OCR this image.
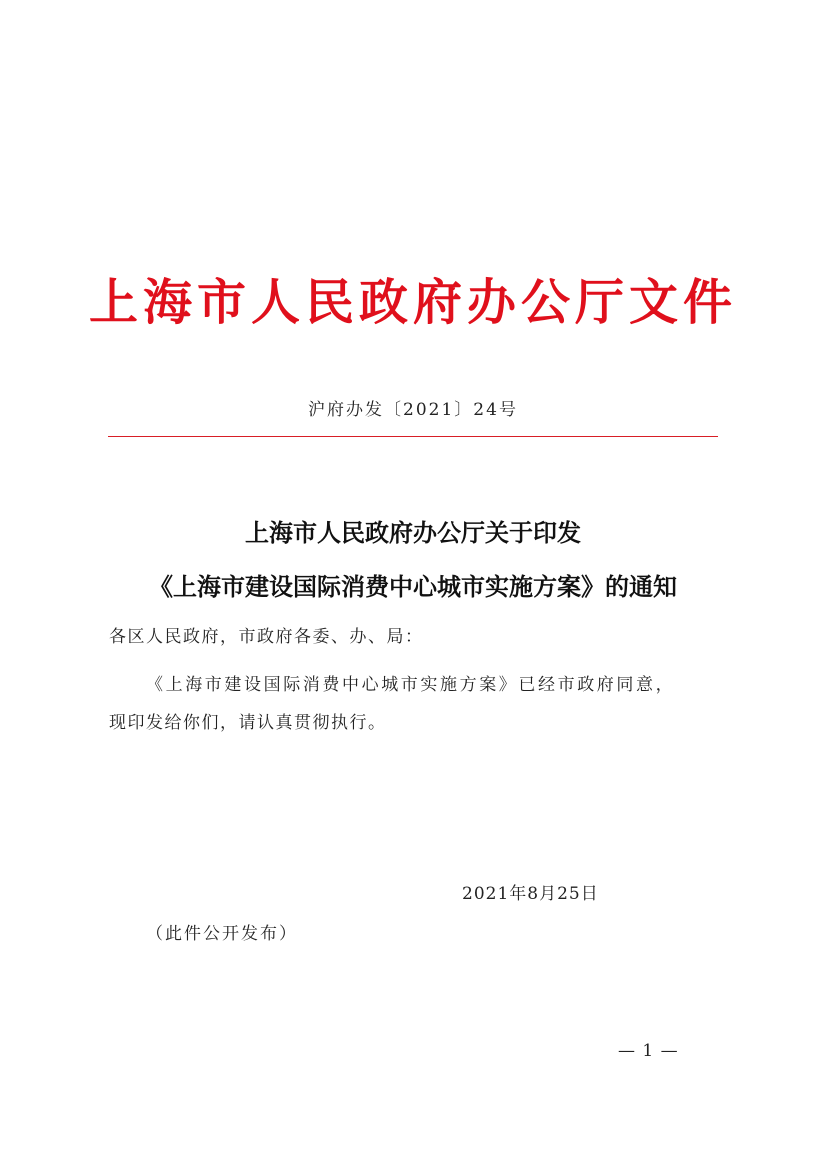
上海市人民政府办公厅文件
沪府办发〔2021〕24号
上海市人民政府办公厅关于印发
《上海市建设国际消费中心城市实施方案》的通知
各区人民政府，市政府各委、办、局：
《上海市建设国际消费中心城市实施方案》已经市政府同意，
现印发给你们，请认真贯彻执行。
2021年8月25日
（此件公开发布）
— 1 —
